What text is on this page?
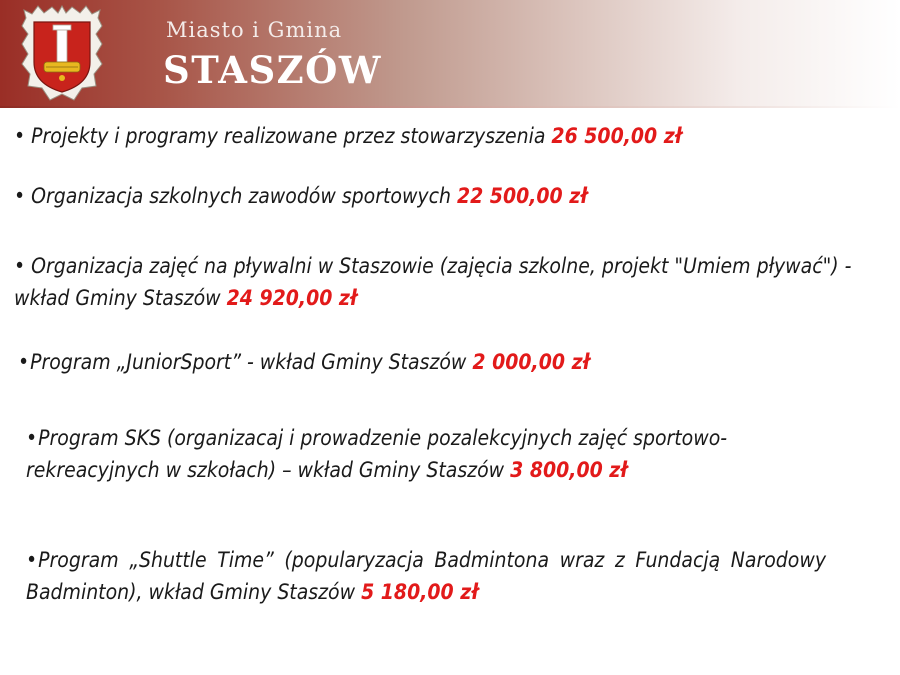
Miasto i Gmina
STASZÓW
• Projekty i programy realizowane przez stowarzyszenia 26 500,00 zł
• Organizacja szkolnych zawodów sportowych 22 500,00 zł
• Organizacja zajęć na pływalni w Staszowie (zajęcia szkolne, projekt "Umiem pływać") - wkład Gminy Staszów 24 920,00 zł
•Program „JuniorSport” - wkład Gminy Staszów 2 000,00 zł
•Program SKS (organizacaj i prowadzenie pozalekcyjnych zajęć sportowo-rekreacyjnych w szkołach) – wkład Gminy Staszów 3 800,00 zł
•Program „Shuttle Time” (popularyzacja Badmintona wraz z Fundacją Narodowy Badminton), wkład Gminy Staszów 5 180,00 zł
